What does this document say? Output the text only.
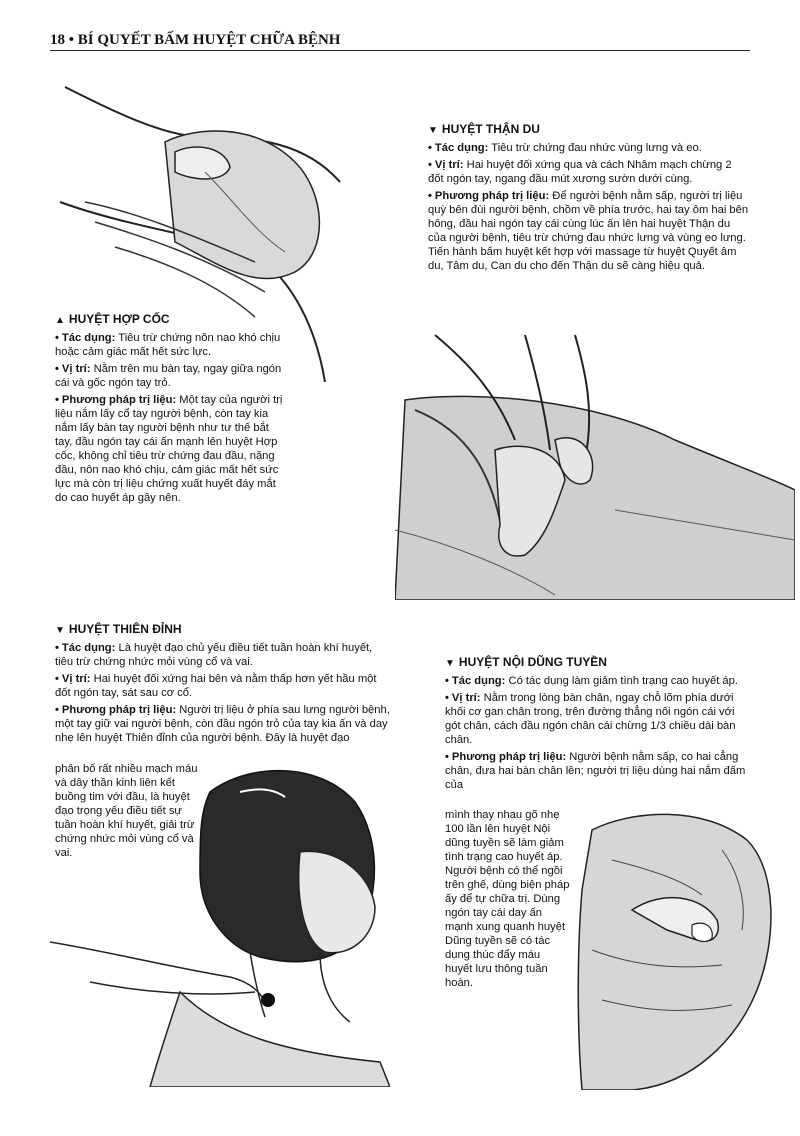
18 • BÍ QUYẾT BẤM HUYỆT CHỮA BỆNH
▲ HUYỆT HỢP CỐC

• Tác dụng: Tiêu trừ chứng nôn nao khó chịu hoặc cảm giác mất hết sức lực.

• Vị trí: Nằm trên mu bàn tay, ngay giữa ngón cái và gốc ngón tay trỏ.

• Phương pháp trị liệu: Một tay của người trị liệu nắm lấy cổ tay người bệnh, còn tay kia nắm lấy bàn tay người bệnh như tư thế bắt tay, đầu ngón tay cái ấn mạnh lên huyệt Hợp cốc, không chỉ tiêu trừ chứng đau đầu, nặng đầu, nôn nao khó chịu, cảm giác mất hết sức lực mà còn trị liệu chứng xuất huyết đáy mắt do cao huyết áp gây nên.

▼ HUYỆT THẬN DU

• Tác dụng: Tiêu trừ chứng đau nhức vùng lưng và eo.

• Vị trí: Hai huyệt đối xứng qua và cách Nhâm mạch chừng 2 đốt ngón tay, ngang đầu mút xương sườn dưới cùng.

• Phương pháp trị liệu: Để người bệnh nằm sấp, người trị liệu quỳ bên đùi người bệnh, chồm về phía trước, hai tay ôm hai bên hông, đầu hai ngón tay cái cùng lúc ấn lên hai huyệt Thận du của người bệnh, tiêu trừ chứng đau nhức lưng và vùng eo lưng. Tiến hành bấm huyệt kết hợp với massage từ huyệt Quyết âm du, Tâm du, Can du cho đến Thận du sẽ càng hiệu quả.

▼ HUYỆT THIÊN ĐỈNH

• Tác dụng: Là huyệt đạo chủ yếu điều tiết tuần hoàn khí huyết, tiêu trừ chứng nhức mỏi vùng cổ và vai.

• Vị trí: Hai huyệt đối xứng hai bên và nằm thấp hơn yết hầu một đốt ngón tay, sát sau cơ cổ.

• Phương pháp trị liệu: Người trị liệu ở phía sau lưng người bệnh, một tay giữ vai người bệnh, còn đầu ngón trỏ của tay kia ấn và day nhẹ lên huyệt Thiên đỉnh của người bệnh. Đây là huyệt đạo

phân bố rất nhiều mạch máu và dây thần kinh liên kết buồng tim với đầu, là huyệt đạo trọng yếu điều tiết sự tuần hoàn khí huyết, giải trừ chứng nhức mỏi vùng cổ và vai.

▼ HUYỆT NỘI DŨNG TUYỀN

• Tác dụng: Có tác dụng làm giảm tình trạng cao huyết áp.

• Vị trí: Nằm trong lòng bàn chân, ngay chỗ lõm phía dưới khối cơ gan chân trong, trên đường thẳng nối ngón cái với gót chân, cách đầu ngón chân cái chừng 1/3 chiều dài bàn chân.

• Phương pháp trị liệu: Người bệnh nằm sấp, co hai cẳng chân, đưa hai bàn chân lên; người trị liệu dùng hai nắm đấm của

mình thay nhau gõ nhẹ 100 lần lên huyệt Nội dũng tuyền sẽ làm giảm tình trạng cao huyết áp. Người bệnh có thể ngồi trên ghế, dùng biện pháp ấy để tự chữa trị. Dùng ngón tay cái day ấn mạnh xung quanh huyệt Dũng tuyền sẽ có tác dụng thúc đẩy máu huyết lưu thông tuần hoàn.
